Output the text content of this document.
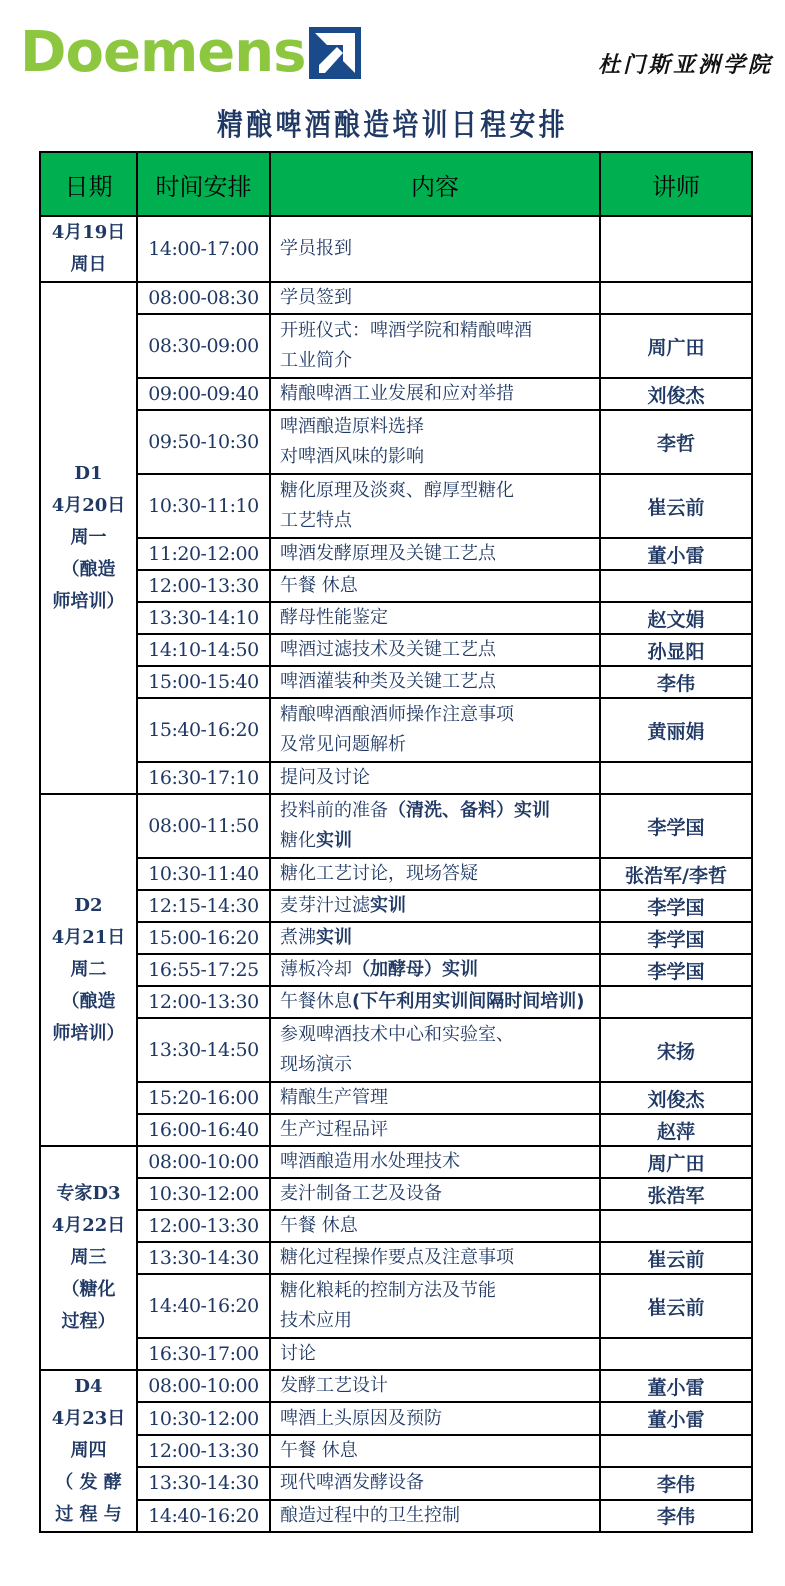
Doemens	杜门斯亚洲学院
精酿啤酒酿造培训日程安排
日期	时间安排	内容	讲师

4月19日
周日	14:00-17:00	学员报到	

D1
4月20日
周一
（酿造
师培训）	08:00-08:30	学员签到	
	08:30-09:00	开班仪式：啤酒学院和精酿啤酒
工业简介	周广田
	09:00-09:40	精酿啤酒工业发展和应对举措	刘俊杰
	09:50-10:30	啤酒酿造原料选择
对啤酒风味的影响	李哲
	10:30-11:10	糖化原理及淡爽、醇厚型糖化
工艺特点	崔云前
	11:20-12:00	啤酒发酵原理及关键工艺点	董小雷
	12:00-13:30	午餐 休息	
	13:30-14:10	酵母性能鉴定	赵文娟
	14:10-14:50	啤酒过滤技术及关键工艺点	孙显阳
	15:00-15:40	啤酒灌装种类及关键工艺点	李伟
	15:40-16:20	精酿啤酒酿酒师操作注意事项
及常见问题解析	黄丽娟
	16:30-17:10	提问及讨论	

D2
4月21日
周二
（酿造
师培训）
	08:00-11:50	投料前的准备（清洗、备料）实训
糖化实训	李学国
	10:30-11:40	糖化工艺讨论，现场答疑	张浩军/李哲
	12:15-14:30	麦芽汁过滤实训	李学国
	15:00-16:20	煮沸实训	李学国
	16:55-17:25	薄板冷却（加酵母）实训	李学国
	12:00-13:30	午餐休息(下午利用实训间隔时间培训)	
	13:30-14:50	参观啤酒技术中心和实验室、
现场演示	宋扬
	15:20-16:00	精酿生产管理	刘俊杰
	16:00-16:40	生产过程品评	赵萍

专家D3
4月22日
周三
（糖化
过程）	08:00-10:00	啤酒酿造用水处理技术	周广田
	10:30-12:00	麦汁制备工艺及设备	张浩军
	12:00-13:30	午餐 休息	
	13:30-14:30	糖化过程操作要点及注意事项	崔云前
	14:40-16:20	糖化粮耗的控制方法及节能
技术应用	崔云前
	16:30-17:00	讨论	

D4
4月23日
周四
（ 发 酵
过 程 与	08:00-10:00	发酵工艺设计	董小雷
	10:30-12:00	啤酒上头原因及预防	董小雷
	12:00-13:30	午餐 休息	
	13:30-14:30	现代啤酒发酵设备	李伟
	14:40-16:20	酿造过程中的卫生控制	李伟
